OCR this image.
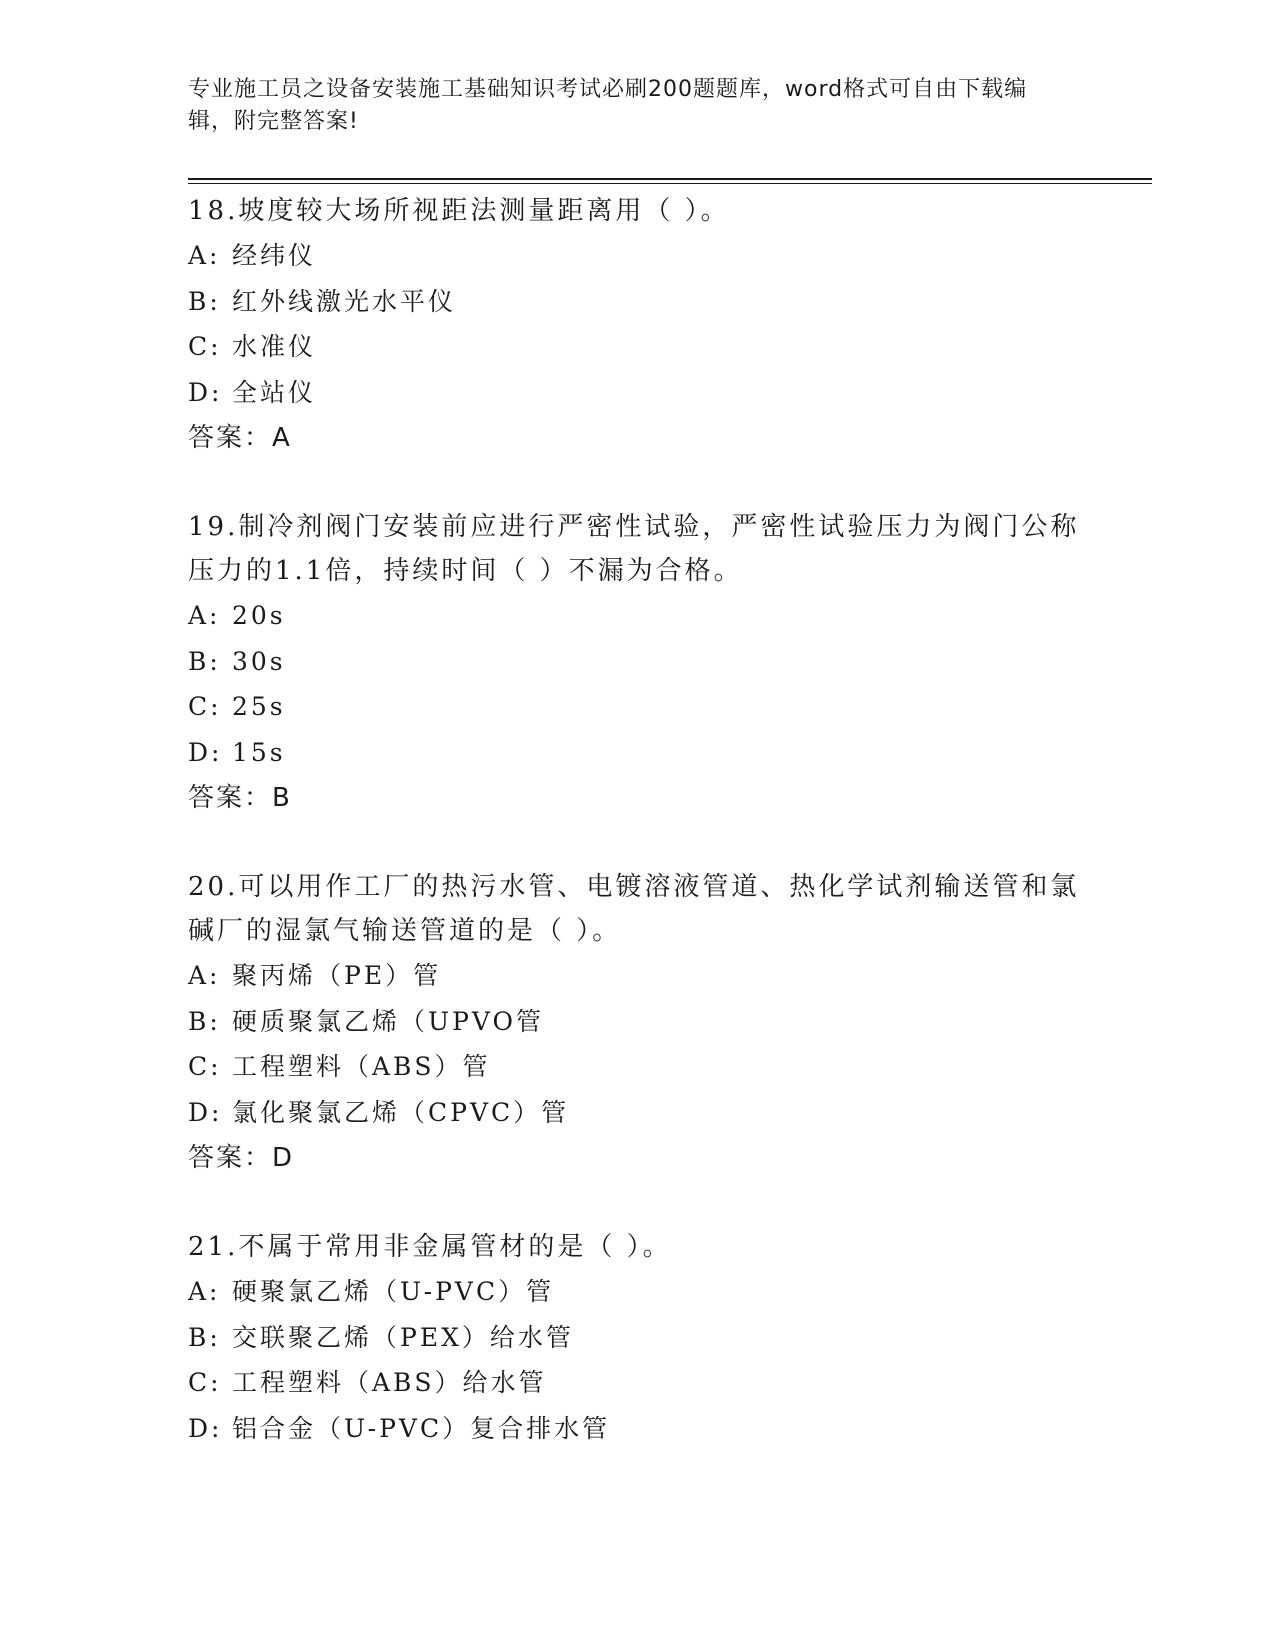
专业施工员之设备安装施工基础知识考试必刷200题题库，word格式可自由下载编辑，附完整答案!

18.坡度较大场所视距法测量距离用（ ）。

A: 经纬仪

B: 红外线激光水平仪

C: 水准仪

D: 全站仪

答案：A

19.制冷剂阀门安装前应进行严密性试验，严密性试验压力为阀门公称压力的1.1倍，持续时间（ ）不漏为合格。

A: 20s

B: 30s

C: 25s

D: 15s

答案：B

20.可以用作工厂的热污水管、电镀溶液管道、热化学试剂输送管和氯碱厂的湿氯气输送管道的是（ ）。

A: 聚丙烯（PE）管

B: 硬质聚氯乙烯（UPVO管

C: 工程塑料（ABS）管

D: 氯化聚氯乙烯（CPVC）管

答案：D

21.不属于常用非金属管材的是（ ）。

A: 硬聚氯乙烯（U-PVC）管

B: 交联聚乙烯（PEX）给水管

C: 工程塑料（ABS）给水管

D: 铝合金（U-PVC）复合排水管
